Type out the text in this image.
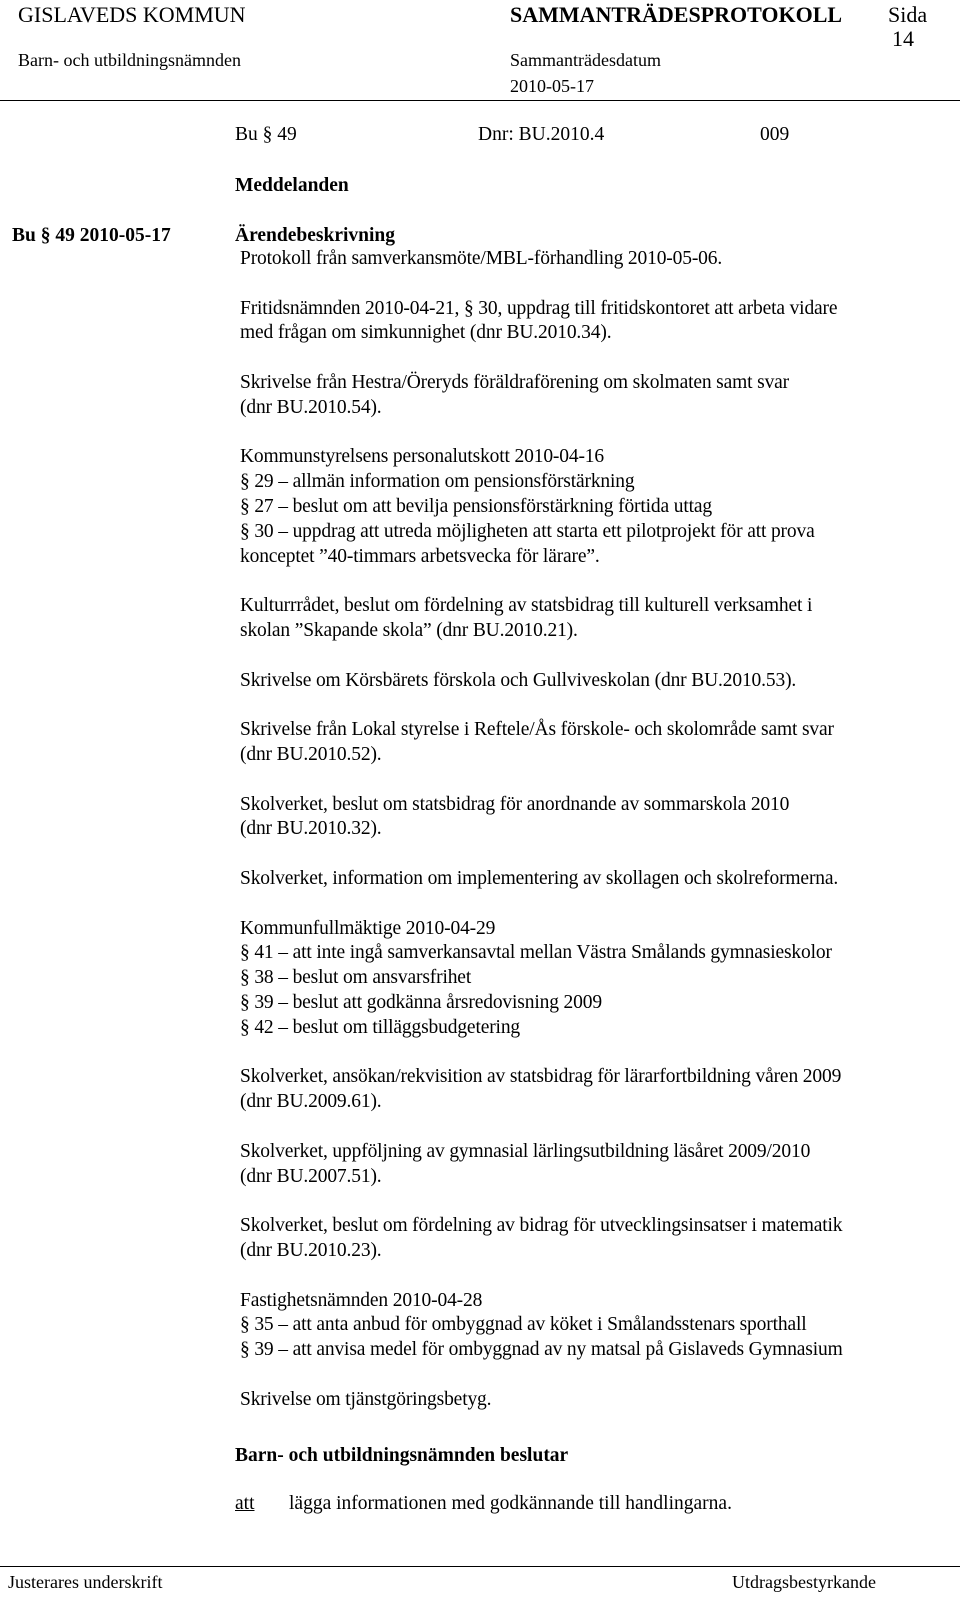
GISLAVEDS KOMMUN	SAMMANTRÄDESPROTOKOLL Sida
14
Barn- och utbildningsnämnden	Sammanträdesdatum
2010-05-17
Bu § 49	Dnr: BU.2010.4	009
Meddelanden
Bu § 49 2010-05-17	Ärendebeskrivning
Protokoll från samverkansmöte/MBL-förhandling 2010-05-06.
Fritidsnämnden 2010-04-21, § 30, uppdrag till fritidskontoret att arbeta vidare
med frågan om simkunnighet (dnr BU.2010.34).
Skrivelse från Hestra/Öreryds föräldraförening om skolmaten samt svar
(dnr BU.2010.54).
Kommunstyrelsens personalutskott 2010-04-16
§ 29 – allmän information om pensionsförstärkning
§ 27 – beslut om att bevilja pensionsförstärkning förtida uttag
§ 30 – uppdrag att utreda möjligheten att starta ett pilotprojekt för att prova
konceptet ”40-timmars arbetsvecka för lärare”.
Kulturrrådet, beslut om fördelning av statsbidrag till kulturell verksamhet i
skolan ”Skapande skola” (dnr BU.2010.21).
Skrivelse om Körsbärets förskola och Gullviveskolan (dnr BU.2010.53).
Skrivelse från Lokal styrelse i Reftele/Ås förskole- och skolområde samt svar
(dnr BU.2010.52).
Skolverket, beslut om statsbidrag för anordnande av sommarskola 2010
(dnr BU.2010.32).
Skolverket, information om implementering av skollagen och skolreformerna.
Kommunfullmäktige 2010-04-29
§ 41 – att inte ingå samverkansavtal mellan Västra Smålands gymnasieskolor
§ 38 – beslut om ansvarsfrihet
§ 39 – beslut att godkänna årsredovisning 2009
§ 42 – beslut om tilläggsbudgetering
Skolverket, ansökan/rekvisition av statsbidrag för lärarfortbildning våren 2009
(dnr BU.2009.61).
Skolverket, uppföljning av gymnasial lärlingsutbildning läsåret 2009/2010
(dnr BU.2007.51).
Skolverket, beslut om fördelning av bidrag för utvecklingsinsatser i matematik
(dnr BU.2010.23).
Fastighetsnämnden 2010-04-28
§ 35 – att anta anbud för ombyggnad av köket i Smålandsstenars sporthall
§ 39 – att anvisa medel för ombyggnad av ny matsal på Gislaveds Gymnasium
Skrivelse om tjänstgöringsbetyg.
Barn- och utbildningsnämnden beslutar
att lägga informationen med godkännande till handlingarna.
Justerares underskrift	Utdragsbestyrkande
